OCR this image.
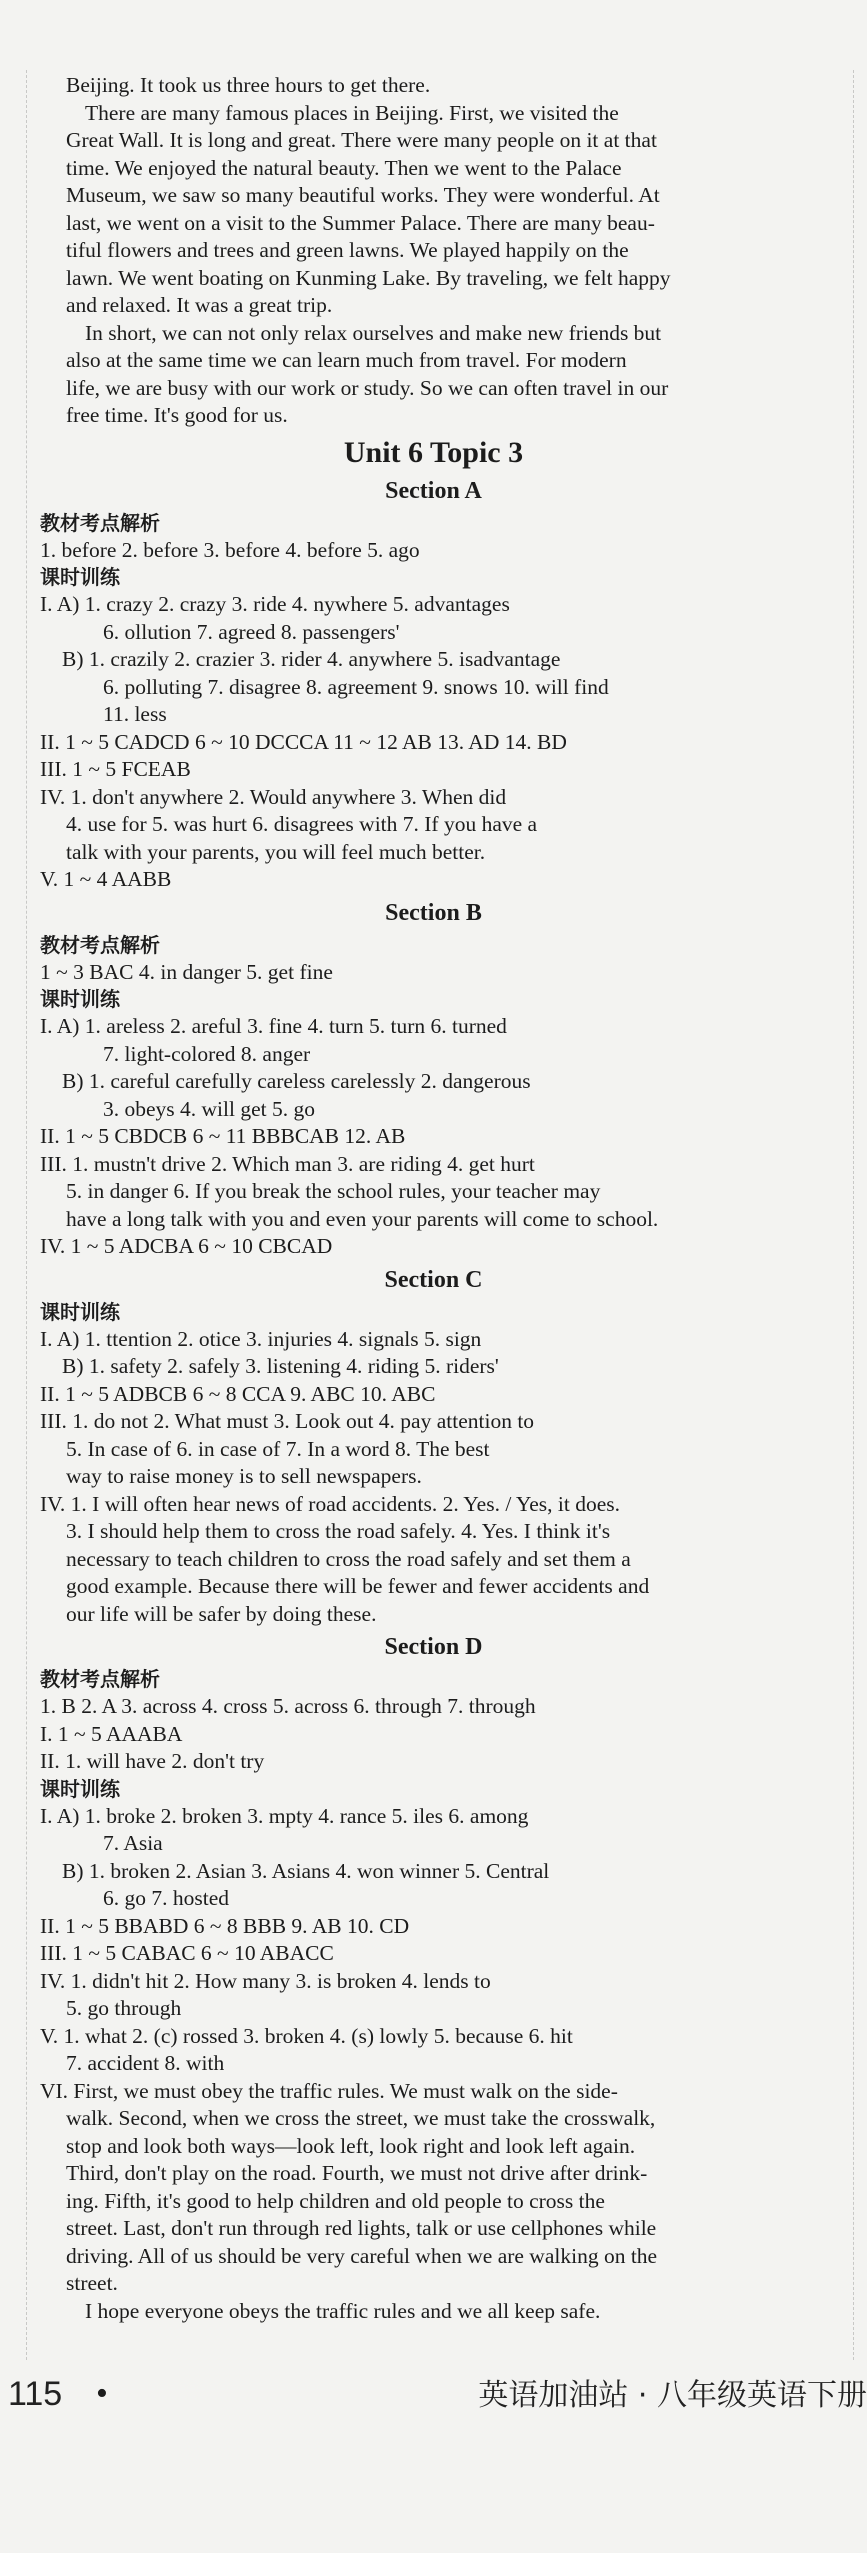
Beijing. It took us three hours to get there.
There are many famous places in Beijing. First, we visited the
Great Wall. It is long and great. There were many people on it at that
time. We enjoyed the natural beauty. Then we went to the Palace
Museum, we saw so many beautiful works. They were wonderful. At
last, we went on a visit to the Summer Palace. There are many beau-
tiful flowers and trees and green lawns. We played happily on the
lawn. We went boating on Kunming Lake. By traveling, we felt happy
and relaxed. It was a great trip.
In short, we can not only relax ourselves and make new friends but
also at the same time we can learn much from travel. For modern
life, we are busy with our work or study. So we can often travel in our
free time. It's good for us.
Unit 6 Topic 3
Section A
教材考点解析
1. before 2. before 3. before 4. before 5. ago
课时训练
I. A) 1. crazy 2. crazy 3. ride 4. nywhere 5. advantages
6. ollution 7. agreed 8. passengers'
B) 1. crazily 2. crazier 3. rider 4. anywhere 5. isadvantage
6. polluting 7. disagree 8. agreement 9. snows 10. will find
11. less
II. 1 ~ 5 CADCD 6 ~ 10 DCCCA 11 ~ 12 AB 13. AD 14. BD
III. 1 ~ 5 FCEAB
IV. 1. don't anywhere 2. Would anywhere 3. When did
4. use for 5. was hurt 6. disagrees with 7. If you have a
talk with your parents, you will feel much better.
V. 1 ~ 4 AABB
Section B
教材考点解析
1 ~ 3 BAC 4. in danger 5. get fine
课时训练
I. A) 1. areless 2. areful 3. fine 4. turn 5. turn 6. turned
7. light-colored 8. anger
B) 1. careful carefully careless carelessly 2. dangerous
3. obeys 4. will get 5. go
II. 1 ~ 5 CBDCB 6 ~ 11 BBBCAB 12. AB
III. 1. mustn't drive 2. Which man 3. are riding 4. get hurt
5. in danger 6. If you break the school rules, your teacher may
have a long talk with you and even your parents will come to school.
IV. 1 ~ 5 ADCBA 6 ~ 10 CBCAD
Section C
课时训练
I. A) 1. ttention 2. otice 3. injuries 4. signals 5. sign
B) 1. safety 2. safely 3. listening 4. riding 5. riders'
II. 1 ~ 5 ADBCB 6 ~ 8 CCA 9. ABC 10. ABC
III. 1. do not 2. What must 3. Look out 4. pay attention to
5. In case of 6. in case of 7. In a word 8. The best
way to raise money is to sell newspapers.
IV. 1. I will often hear news of road accidents. 2. Yes. / Yes, it does.
3. I should help them to cross the road safely. 4. Yes. I think it's
necessary to teach children to cross the road safely and set them a
good example. Because there will be fewer and fewer accidents and
our life will be safer by doing these.
Section D
教材考点解析
1. B 2. A 3. across 4. cross 5. across 6. through 7. through
I. 1 ~ 5 AAABA
II. 1. will have 2. don't try
课时训练
I. A) 1. broke 2. broken 3. mpty 4. rance 5. iles 6. among
7. Asia
B) 1. broken 2. Asian 3. Asians 4. won winner 5. Central
6. go 7. hosted
II. 1 ~ 5 BBABD 6 ~ 8 BBB 9. AB 10. CD
III. 1 ~ 5 CABAC 6 ~ 10 ABACC
IV. 1. didn't hit 2. How many 3. is broken 4. lends to
5. go through
V. 1. what 2. (c) rossed 3. broken 4. (s) lowly 5. because 6. hit
7. accident 8. with
VI. First, we must obey the traffic rules. We must walk on the side-
walk. Second, when we cross the street, we must take the crosswalk,
stop and look both ways—look left, look right and look left again.
Third, don't play on the road. Fourth, we must not drive after drink-
ing. Fifth, it's good to help children and old people to cross the
street. Last, don't run through red lights, talk or use cellphones while
driving. All of us should be very careful when we are walking on the
street.
I hope everyone obeys the traffic rules and we all keep safe.
115 •	英语加油站 · 八年级英语下册
